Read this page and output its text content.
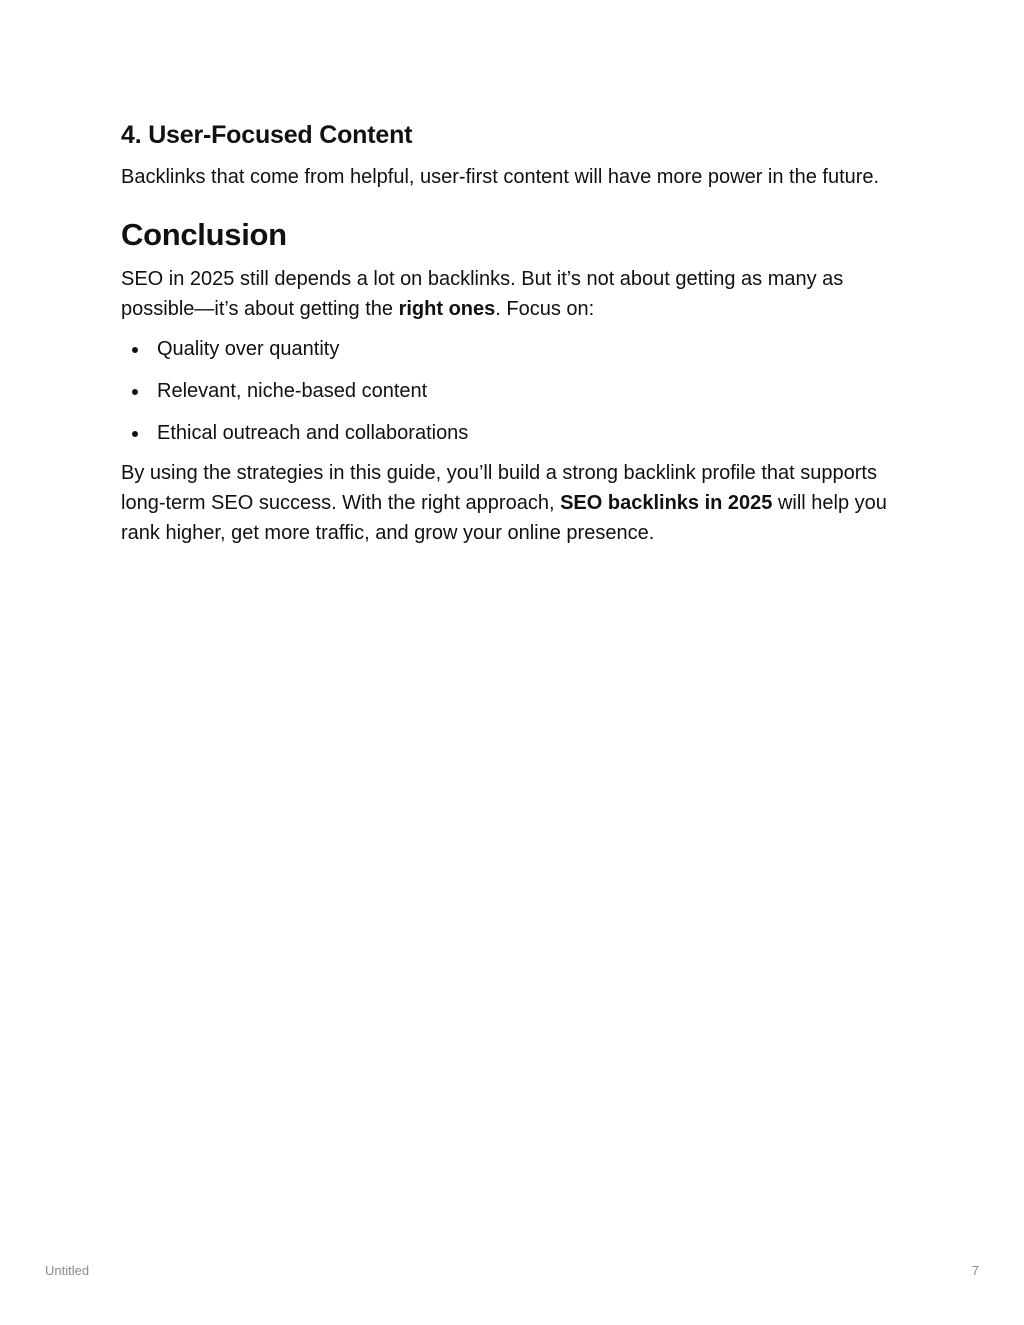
4. User-Focused Content

Backlinks that come from helpful, user-first content will have more power in the future.

Conclusion

SEO in 2025 still depends a lot on backlinks. But it’s not about getting as many as possible—it’s about getting the right ones. Focus on:

Quality over quantity
Relevant, niche-based content
Ethical outreach and collaborations

By using the strategies in this guide, you’ll build a strong backlink profile that supports long-term SEO success. With the right approach, SEO backlinks in 2025 will help you rank higher, get more traffic, and grow your online presence.

Untitled	7
